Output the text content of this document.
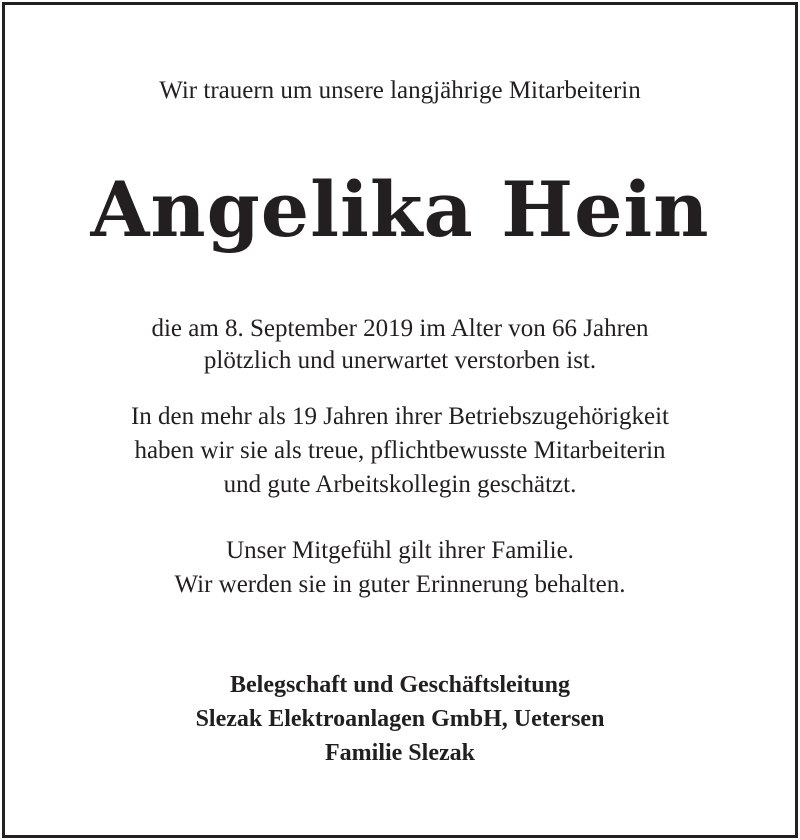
Wir trauern um unsere langjährige Mitarbeiterin
Angelika Hein
die am 8. September 2019 im Alter von 66 Jahren
plötzlich und unerwartet verstorben ist.
In den mehr als 19 Jahren ihrer Betriebszugehörigkeit
haben wir sie als treue, pflichtbewusste Mitarbeiterin
und gute Arbeitskollegin geschätzt.
Unser Mitgefühl gilt ihrer Familie.
Wir werden sie in guter Erinnerung behalten.
Belegschaft und Geschäftsleitung
Slezak Elektroanlagen GmbH, Uetersen
Familie Slezak
